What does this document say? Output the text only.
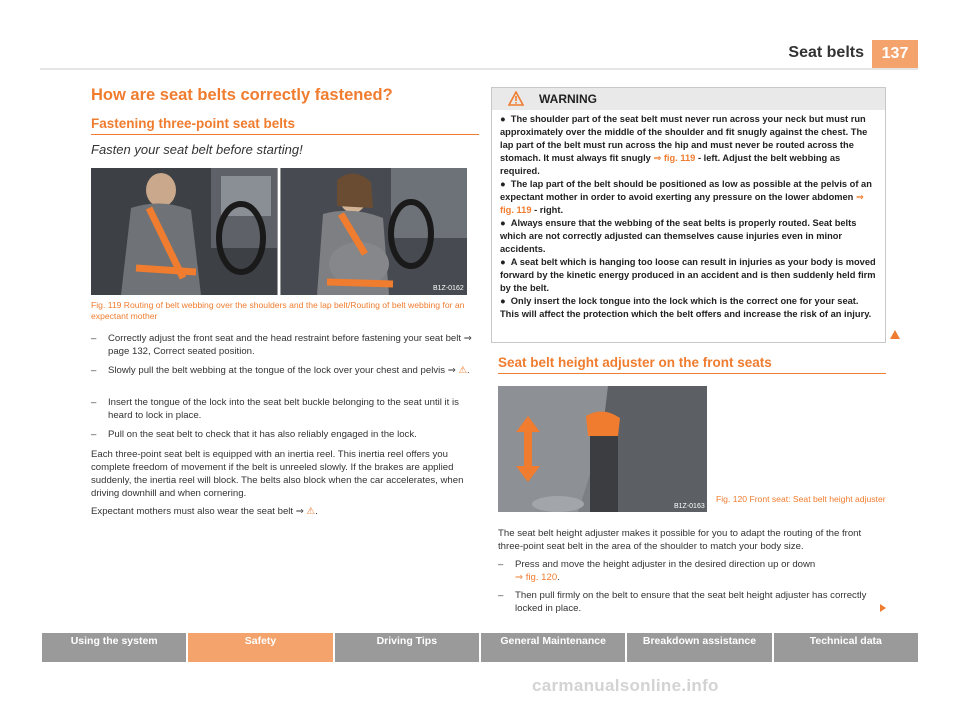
Seat belts	137
How are seat belts correctly fastened?
Fastening three-point seat belts
Fasten your seat belt before starting!
B1Z-0162
Fig. 119 Routing of belt webbing over the shoulders and the lap belt/Routing of belt webbing for an expectant mother
– Correctly adjust the front seat and the head restraint before fastening your seat belt ⇒ page 132, Correct seated position.
– Slowly pull the belt webbing at the tongue of the lock over your chest and pelvis ⇒ ⚠.
– Insert the tongue of the lock into the seat belt buckle belonging to the seat until it is heard to lock in place.
– Pull on the seat belt to check that it has also reliably engaged in the lock.
Each three-point seat belt is equipped with an inertia reel. This inertia reel offers you complete freedom of movement if the belt is unreeled slowly. If the brakes are applied suddenly, the inertia reel will block. The belts also block when the car accelerates, when driving downhill and when cornering.
Expectant mothers must also wear the seat belt ⇒ ⚠.
WARNING

● The shoulder part of the seat belt must never run across your neck but must run approximately over the middle of the shoulder and fit snugly against the chest. The lap part of the belt must run across the hip and must never be routed across the stomach. It must always fit snugly ⇒ fig. 119 - left. Adjust the belt webbing as required.

● The lap part of the belt should be positioned as low as possible at the pelvis of an expectant mother in order to avoid exerting any pressure on the lower abdomen ⇒ fig. 119 - right.

● Always ensure that the webbing of the seat belts is properly routed. Seat belts which are not correctly adjusted can themselves cause injuries even in minor accidents.

● A seat belt which is hanging too loose can result in injuries as your body is moved forward by the kinetic energy produced in an accident and is then suddenly held firm by the belt.

● Only insert the lock tongue into the lock which is the correct one for your seat. This will affect the protection which the belt offers and increase the risk of an injury.

Seat belt height adjuster on the front seats
B1Z-0163
Fig. 120 Front seat: Seat belt height adjuster
The seat belt height adjuster makes it possible for you to adapt the routing of the front three-point seat belt in the area of the shoulder to match your body size.
– Press and move the height adjuster in the desired direction up or down
⇒ fig. 120.
– Then pull firmly on the belt to ensure that the seat belt height adjuster has correctly locked in place.
Using the system	Safety	Driving Tips	General Maintenance	Breakdown assistance	Technical data
carmanualsonline.info
